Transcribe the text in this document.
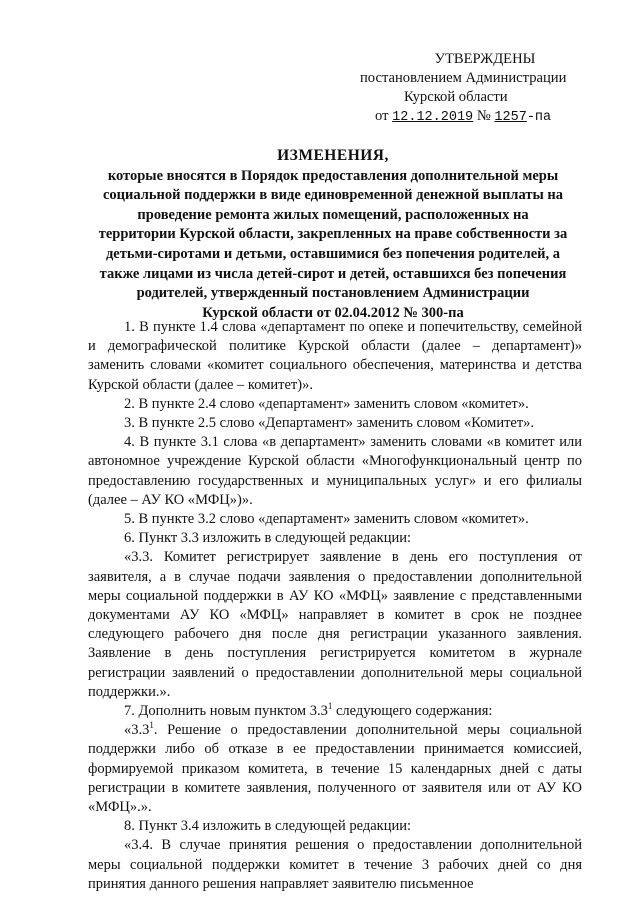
УТВЕРЖДЕНЫ
постановлением Администрации
Курской области
от 12.12.2019 № 1257-па
ИЗМЕНЕНИЯ,
которые вносятся в Порядок предоставления дополнительной меры
социальной поддержки в виде единовременной денежной выплаты на
проведение ремонта жилых помещений, расположенных на
территории Курской области, закрепленных на праве собственности за
детьми-сиротами и детьми, оставшимися без попечения родителей, а
также лицами из числа детей-сирот и детей, оставшихся без попечения
родителей, утвержденный постановлением Администрации
Курской области от 02.04.2012 № 300-па

1. В пункте 1.4 слова «департамент по опеке и попечительству, семейной и демографической политике Курской области (далее – департамент)» заменить словами «комитет социального обеспечения, материнства и детства Курской области (далее – комитет)».

2. В пункте 2.4 слово «департамент» заменить словом «комитет».

3. В пункте 2.5 слово «Департамент» заменить словом «Комитет».

4. В пункте 3.1 слова «в департамент» заменить словами «в комитет или автономное учреждение Курской области «Многофункциональный центр по предоставлению государственных и муниципальных услуг» и его филиалы (далее – АУ КО «МФЦ»)».

5. В пункте 3.2 слово «департамент» заменить словом «комитет».

6. Пункт 3.3 изложить в следующей редакции:

«3.3. Комитет регистрирует заявление в день его поступления от заявителя, а в случае подачи заявления о предоставлении дополнительной меры социальной поддержки в АУ КО «МФЦ» заявление с представленными документами АУ КО «МФЦ» направляет в комитет в срок не позднее следующего рабочего дня после дня регистрации указанного заявления. Заявление в день поступления регистрируется комитетом в журнале регистрации заявлений о предоставлении дополнительной меры социальной поддержки.».

7. Дополнить новым пунктом $3.3^1$ следующего содержания:

«$3.3^1$. Решение о предоставлении дополнительной меры социальной поддержки либо об отказе в ее предоставлении принимается комиссией, формируемой приказом комитета, в течение 15 календарных дней с даты регистрации в комитете заявления, полученного от заявителя или от АУ КО «МФЦ».».

8. Пункт 3.4 изложить в следующей редакции:

«3.4. В случае принятия решения о предоставлении дополнительной меры социальной поддержки комитет в течение 3 рабочих дней со дня принятия данного решения направляет заявителю письменное
